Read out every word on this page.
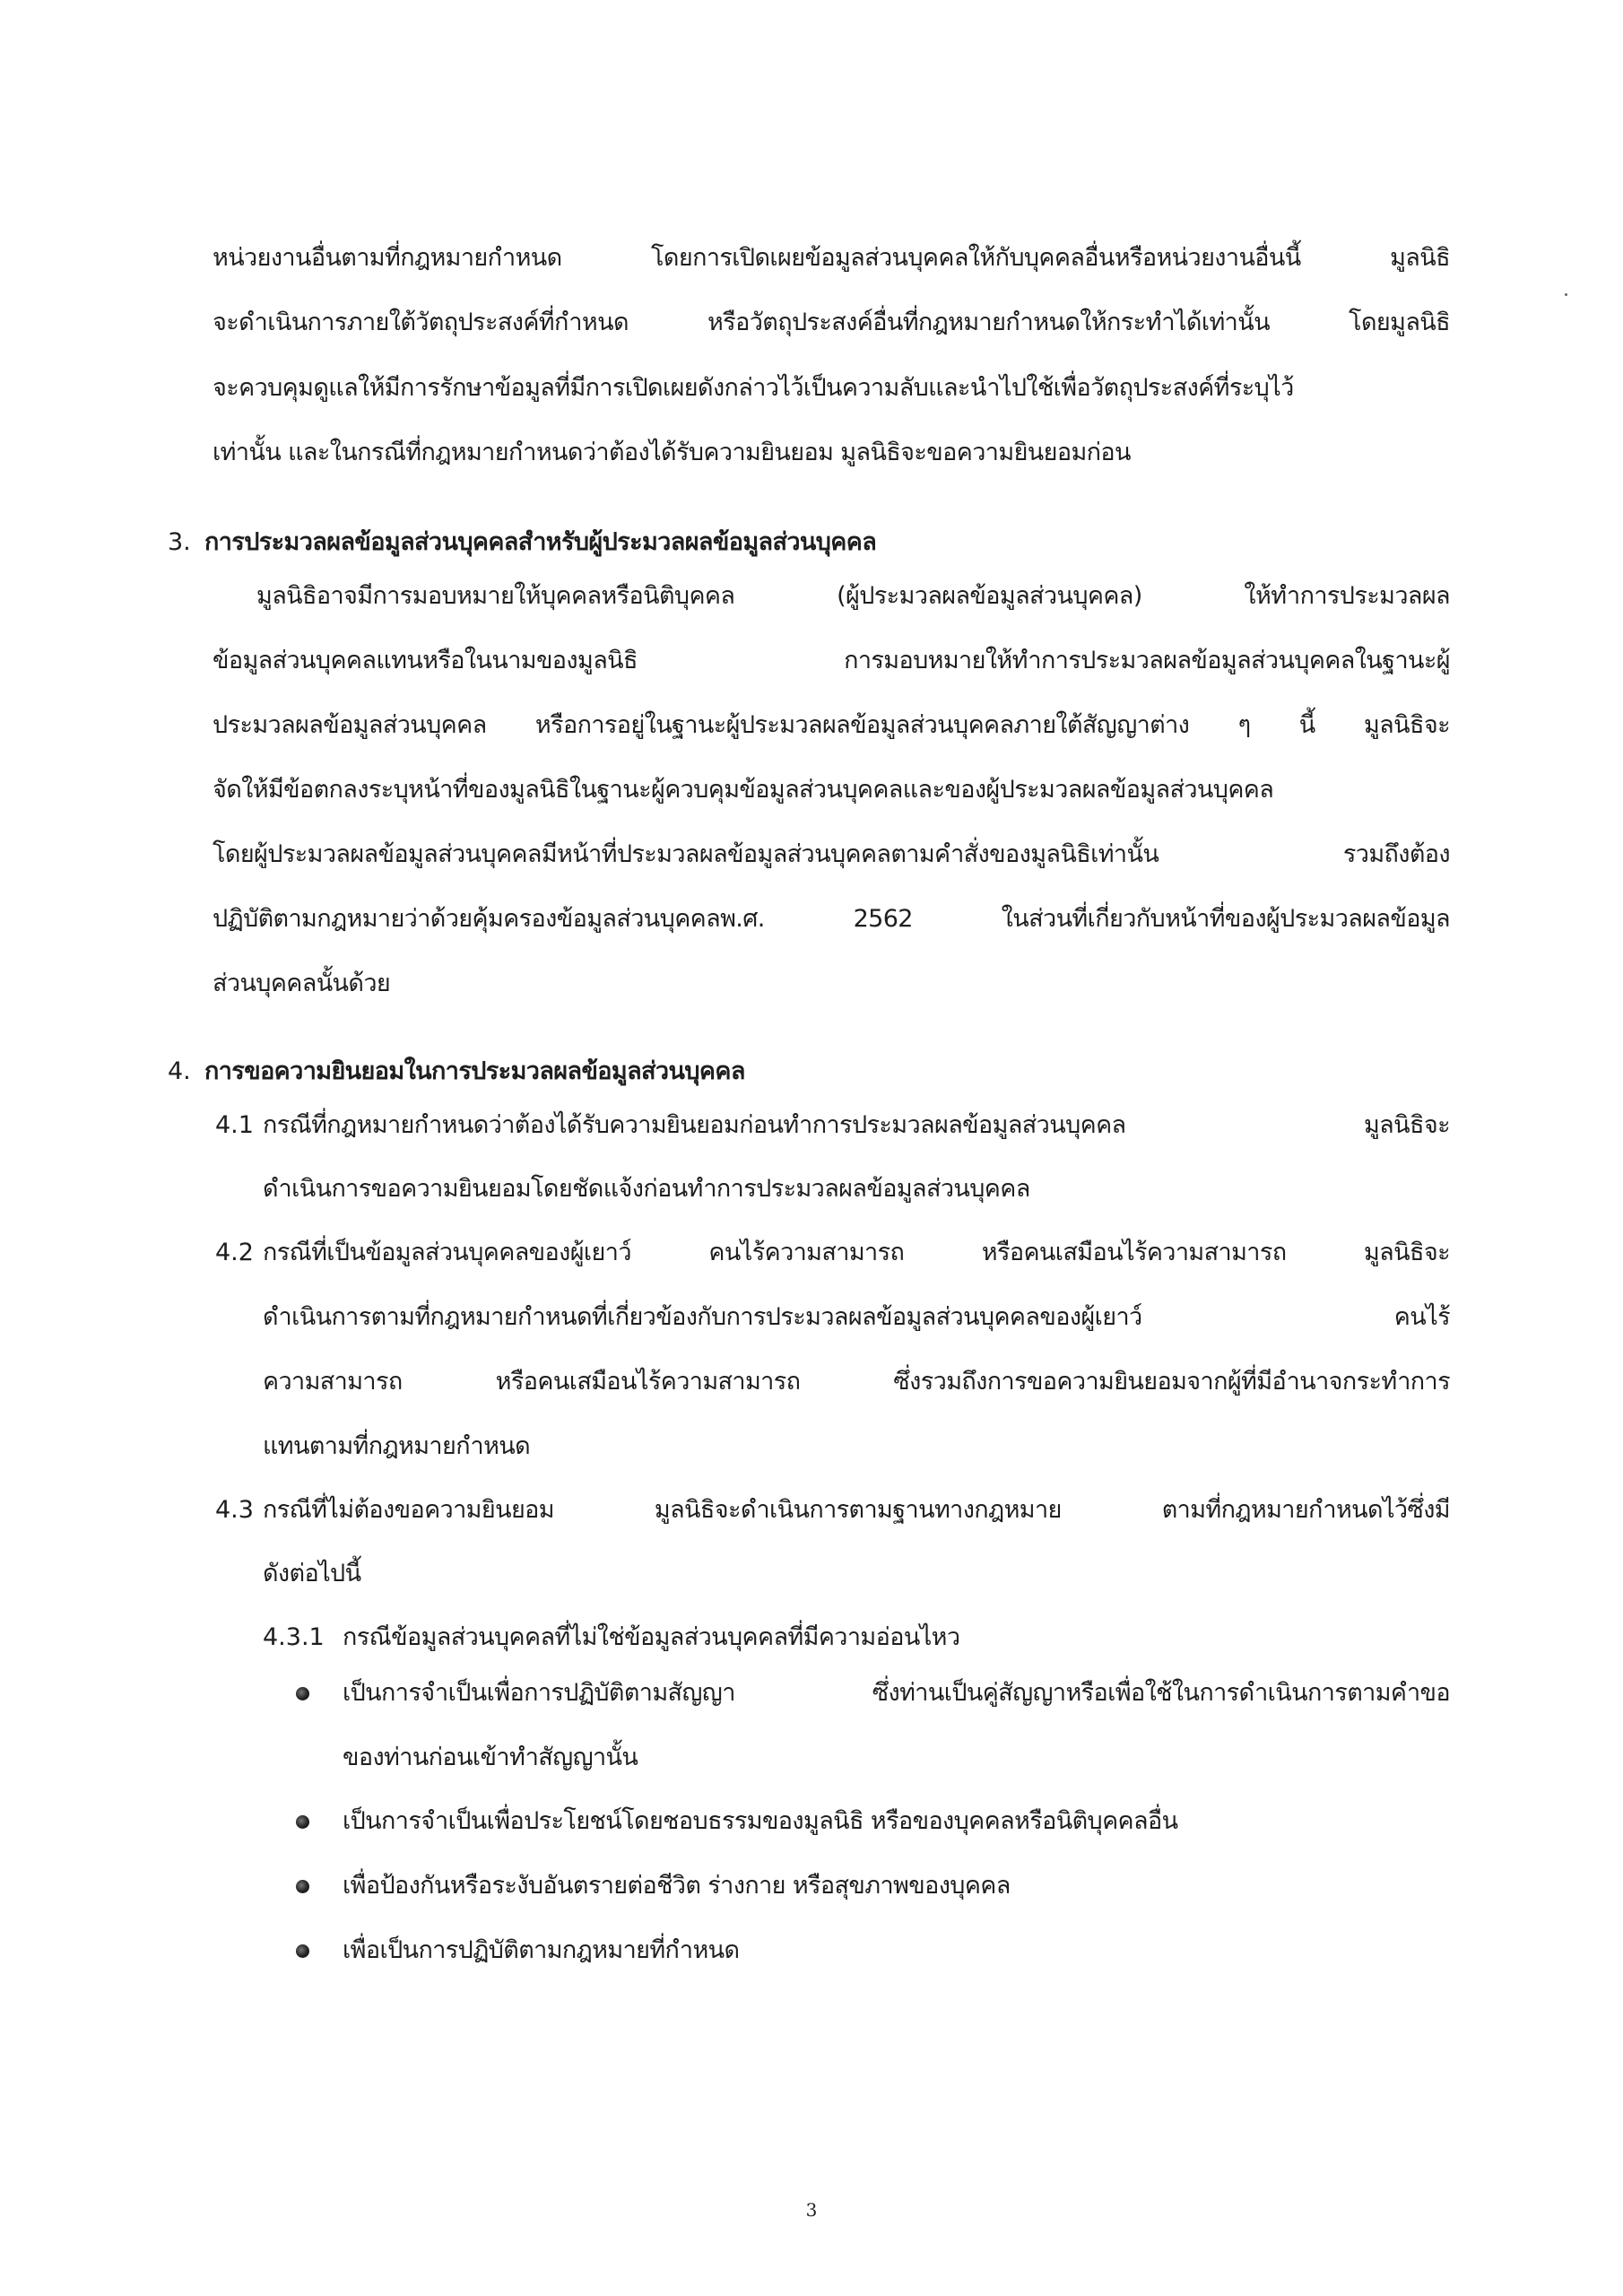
หน่วยงานอื่นตามที่กฎหมายกำหนด โดยการเปิดเผยข้อมูลส่วนบุคคลให้กับบุคคลอื่นหรือหน่วยงานอื่นนี้ มูลนิธิ
จะดำเนินการภายใต้วัตถุประสงค์ที่กำหนด หรือวัตถุประสงค์อื่นที่กฎหมายกำหนดให้กระทำได้เท่านั้น โดยมูลนิธิ
จะควบคุมดูแลให้มีการรักษาข้อมูลที่มีการเปิดเผยดังกล่าวไว้เป็นความลับและนำไปใช้เพื่อวัตถุประสงค์ที่ระบุไว้
เท่านั้น และในกรณีที่กฎหมายกำหนดว่าต้องได้รับความยินยอม มูลนิธิจะขอความยินยอมก่อน
3. การประมวลผลข้อมูลส่วนบุคคลสำหรับผู้ประมวลผลข้อมูลส่วนบุคคล
มูลนิธิอาจมีการมอบหมายให้บุคคลหรือนิติบุคคล (ผู้ประมวลผลข้อมูลส่วนบุคคล) ให้ทำการประมวลผล
ข้อมูลส่วนบุคคลแทนหรือในนามของมูลนิธิ การมอบหมายให้ทำการประมวลผลข้อมูลส่วนบุคคลในฐานะผู้
ประมวลผลข้อมูลส่วนบุคคล หรือการอยู่ในฐานะผู้ประมวลผลข้อมูลส่วนบุคคลภายใต้สัญญาต่าง ๆ นี้ มูลนิธิจะ
จัดให้มีข้อตกลงระบุหน้าที่ของมูลนิธิในฐานะผู้ควบคุมข้อมูลส่วนบุคคลและของผู้ประมวลผลข้อมูลส่วนบุคคล
โดยผู้ประมวลผลข้อมูลส่วนบุคคลมีหน้าที่ประมวลผลข้อมูลส่วนบุคคลตามคำสั่งของมูลนิธิเท่านั้น รวมถึงต้อง
ปฏิบัติตามกฎหมายว่าด้วยคุ้มครองข้อมูลส่วนบุคคลพ.ศ. 2562 ในส่วนที่เกี่ยวกับหน้าที่ของผู้ประมวลผลข้อมูล
ส่วนบุคคลนั้นด้วย
4. การขอความยินยอมในการประมวลผลข้อมูลส่วนบุคคล
4.1 กรณีที่กฎหมายกำหนดว่าต้องได้รับความยินยอมก่อนทำการประมวลผลข้อมูลส่วนบุคคล มูลนิธิจะ
ดำเนินการขอความยินยอมโดยชัดแจ้งก่อนทำการประมวลผลข้อมูลส่วนบุคคล
4.2 กรณีที่เป็นข้อมูลส่วนบุคคลของผู้เยาว์ คนไร้ความสามารถ หรือคนเสมือนไร้ความสามารถ มูลนิธิจะ
ดำเนินการตามที่กฎหมายกำหนดที่เกี่ยวข้องกับการประมวลผลข้อมูลส่วนบุคคลของผู้เยาว์ คนไร้
ความสามารถ หรือคนเสมือนไร้ความสามารถ ซึ่งรวมถึงการขอความยินยอมจากผู้ที่มีอำนาจกระทำการ
แทนตามที่กฎหมายกำหนด
4.3 กรณีที่ไม่ต้องขอความยินยอม มูลนิธิจะดำเนินการตามฐานทางกฎหมาย ตามที่กฎหมายกำหนดไว้ซึ่งมี
ดังต่อไปนี้
4.3.1 กรณีข้อมูลส่วนบุคคลที่ไม่ใช่ข้อมูลส่วนบุคคลที่มีความอ่อนไหว
เป็นการจำเป็นเพื่อการปฏิบัติตามสัญญา ซึ่งท่านเป็นคู่สัญญาหรือเพื่อใช้ในการดำเนินการตามคำขอ
ของท่านก่อนเข้าทำสัญญานั้น
เป็นการจำเป็นเพื่อประโยชน์โดยชอบธรรมของมูลนิธิ หรือของบุคคลหรือนิติบุคคลอื่น
เพื่อป้องกันหรือระงับอันตรายต่อชีวิต ร่างกาย หรือสุขภาพของบุคคล
เพื่อเป็นการปฏิบัติตามกฎหมายที่กำหนด
3
